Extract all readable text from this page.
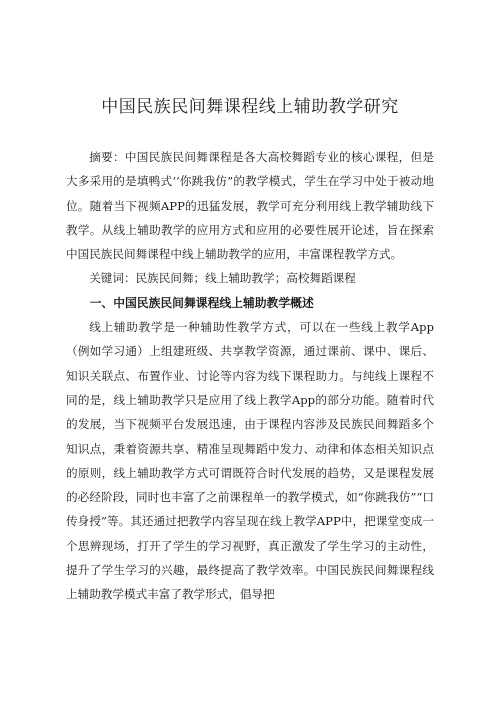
中国民族民间舞课程线上辅助教学研究

摘要：中国民族民间舞课程是各大高校舞蹈专业的核心课程，但是大多采用的是填鸭式‘‘你跳我仿”的教学模式，学生在学习中处于被动地位。随着当下视频APP的迅猛发展，教学可充分利用线上教学辅助线下教学。从线上辅助教学的应用方式和应用的必要性展开论述，旨在探索中国民族民间舞课程中线上辅助教学的应用，丰富课程教学方式。

关键词：民族民间舞；线上辅助教学；高校舞蹈课程

一、中国民族民间舞课程线上辅助教学概述

线上辅助教学是一种辅助性教学方式，可以在一些线上教学App（例如学习通）上组建班级、共享教学资源，通过课前、课中、课后、知识关联点、布置作业、讨论等内容为线下课程助力。与纯线上课程不同的是，线上辅助教学只是应用了线上教学App的部分功能。随着时代的发展，当下视频平台发展迅速，由于课程内容涉及民族民间舞蹈多个知识点，秉着资源共享、精准呈现舞蹈中发力、动律和体态相关知识点的原则，线上辅助教学方式可谓既符合时代发展的趋势，又是课程发展的必经阶段，同时也丰富了之前课程单一的教学模式，如“你跳我仿”“口传身授”等。其还通过把教学内容呈现在线上教学APP中，把课堂变成一个思辨现场，打开了学生的学习视野，真正激发了学生学习的主动性，提升了学生学习的兴趣，最终提高了教学效率。中国民族民间舞课程线上辅助教学模式丰富了教学形式，倡导把
